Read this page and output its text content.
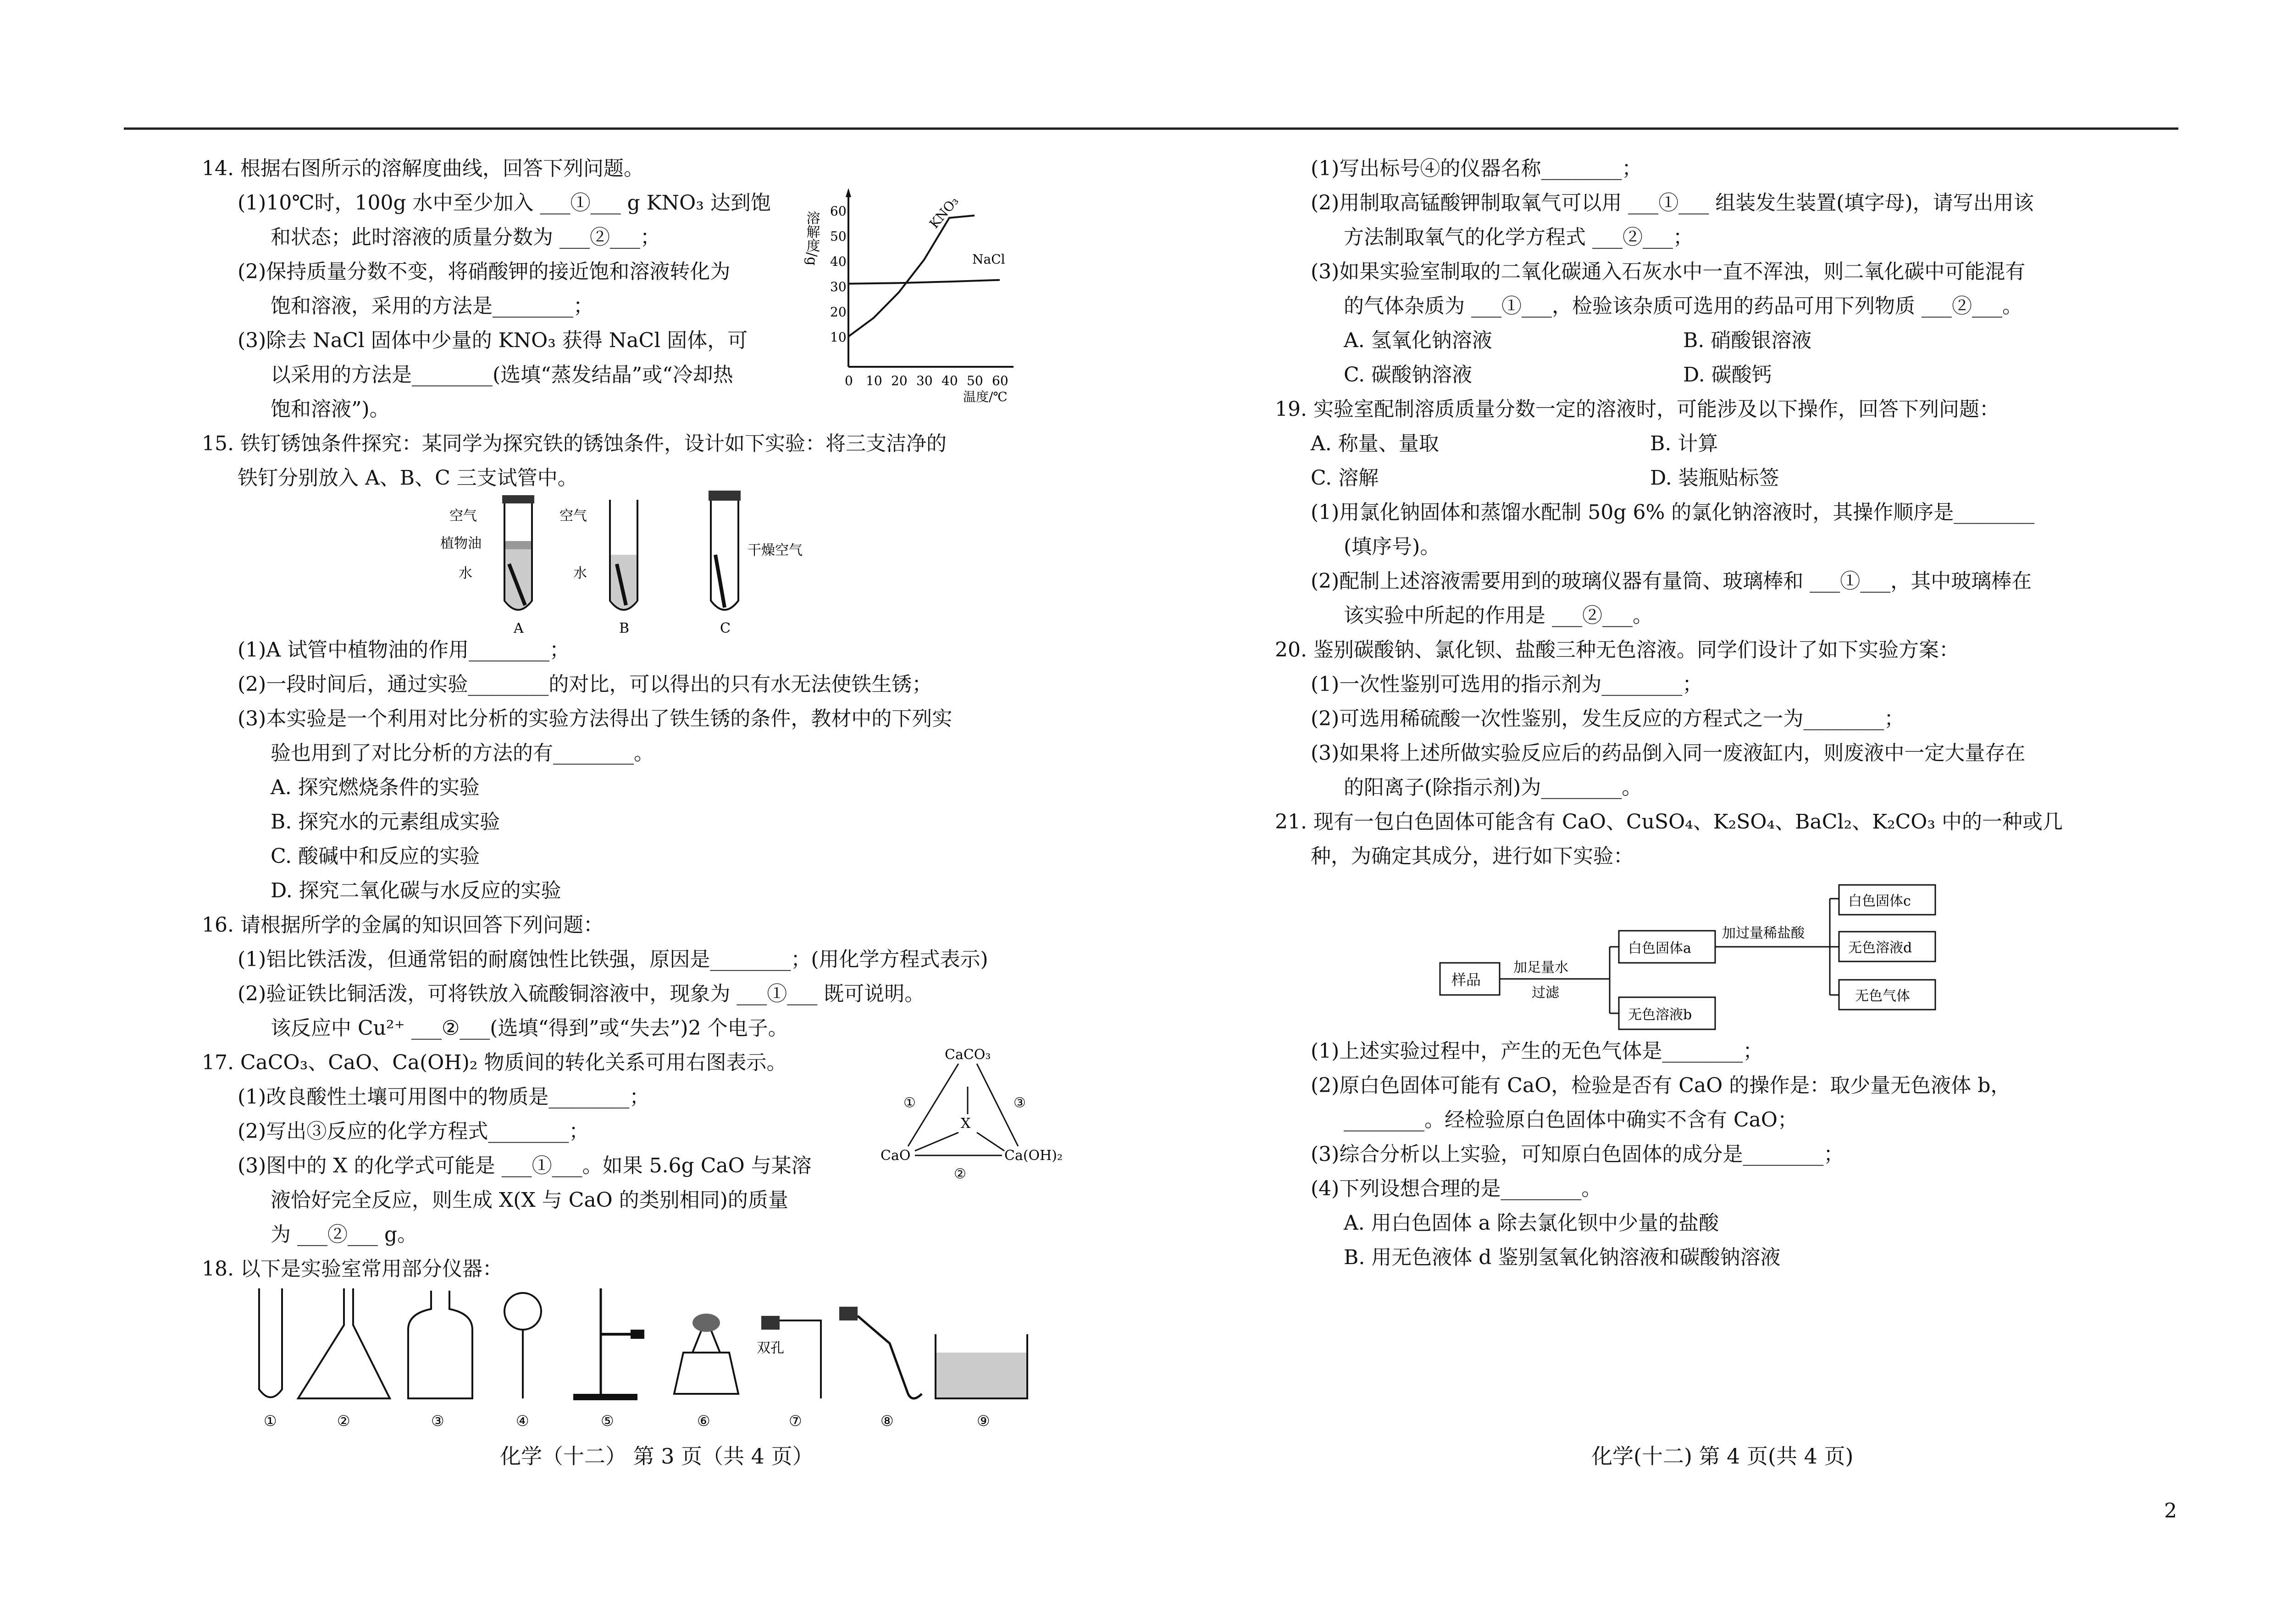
14. 根据右图所示的溶解度曲线，回答下列问题。
(1)10℃时，100g 水中至少加入 ___①___ g KNO₃ 达到饱
和状态；此时溶液的质量分数为 ___②___；
(2)保持质量分数不变，将硝酸钾的接近饱和溶液转化为
饱和溶液，采用的方法是________；
(3)除去 NaCl 固体中少量的 KNO₃ 获得 NaCl 固体，可
以采用的方法是________(选填“蒸发结晶”或“冷却热
饱和溶液”)。
15. 铁钉锈蚀条件探究：某同学为探究铁的锈蚀条件，设计如下实验：将三支洁净的
铁钉分别放入 A、B、C 三支试管中。
(1)A 试管中植物油的作用________；
(2)一段时间后，通过实验________的对比，可以得出的只有水无法使铁生锈；
(3)本实验是一个利用对比分析的实验方法得出了铁生锈的条件，教材中的下列实
验也用到了对比分析的方法的有________。
A. 探究燃烧条件的实验
B. 探究水的元素组成实验
C. 酸碱中和反应的实验
D. 探究二氧化碳与水反应的实验
16. 请根据所学的金属的知识回答下列问题：
(1)铝比铁活泼，但通常铝的耐腐蚀性比铁强，原因是________；(用化学方程式表示)
(2)验证铁比铜活泼，可将铁放入硫酸铜溶液中，现象为 ___①___ 既可说明。
该反应中 Cu²⁺ ___②___(选填“得到”或“失去”)2 个电子。
17. CaCO₃、CaO、Ca(OH)₂ 物质间的转化关系可用右图表示。
(1)改良酸性土壤可用图中的物质是________；
(2)写出③反应的化学方程式________；
(3)图中的 X 的化学式可能是 ___①___。如果 5.6g CaO 与某溶
液恰好完全反应，则生成 X(X 与 CaO 的类别相同)的质量
为 ___②___ g。
18. 以下是实验室常用部分仪器：
(1)写出标号④的仪器名称________；
(2)用制取高锰酸钾制取氧气可以用 ___①___ 组装发生装置(填字母)，请写出用该
方法制取氧气的化学方程式 ___②___；
(3)如果实验室制取的二氧化碳通入石灰水中一直不浑浊，则二氧化碳中可能混有
的气体杂质为 ___①___，检验该杂质可选用的药品可用下列物质 ___②___。
A. 氢氧化钠溶液	B. 硝酸银溶液
C. 碳酸钠溶液	D. 碳酸钙
19. 实验室配制溶质质量分数一定的溶液时，可能涉及以下操作，回答下列问题：
A. 称量、量取	B. 计算
C. 溶解	D. 装瓶贴标签
(1)用氯化钠固体和蒸馏水配制 50g 6% 的氯化钠溶液时，其操作顺序是________
(填序号)。
(2)配制上述溶液需要用到的玻璃仪器有量筒、玻璃棒和 ___①___，其中玻璃棒在
该实验中所起的作用是 ___②___。
20. 鉴别碳酸钠、氯化钡、盐酸三种无色溶液。同学们设计了如下实验方案：
(1)一次性鉴别可选用的指示剂为________；
(2)可选用稀硫酸一次性鉴别，发生反应的方程式之一为________；
(3)如果将上述所做实验反应后的药品倒入同一废液缸内，则废液中一定大量存在
的阳离子(除指示剂)为________。
21. 现有一包白色固体可能含有 CaO、CuSO₄、K₂SO₄、BaCl₂、K₂CO₃ 中的一种或几
种，为确定其成分，进行如下实验：
(1)上述实验过程中，产生的无色气体是________；
(2)原白色固体可能有 CaO，检验是否有 CaO 的操作是：取少量无色液体 b，
________。经检验原白色固体中确实不含有 CaO；
(3)综合分析以上实验，可知原白色固体的成分是________；
(4)下列设想合理的是________。
A. 用白色固体 a 除去氯化钡中少量的盐酸
B. 用无色液体 d 鉴别氢氧化钠溶液和碳酸钠溶液
溶解度/g 60
50
40
30
20
10
0 10 20 30 40 50 60
温度/℃
KNO₃
NaCl
A
空气
植物油
水
B
空气
水
C
干燥空气
CaCO₃
CaO	Ca(OH)₂
X
①
②
③
双孔
①	②	③	④	⑤	⑥	⑦	⑧	⑨
样品
加足量水
过滤
白色固体a
无色溶液b
加过量稀盐酸
白色固体c
无色溶液d
无色气体
化学（十二） 第 3 页（共 4 页）	化学(十二) 第 4 页(共 4 页)
2
